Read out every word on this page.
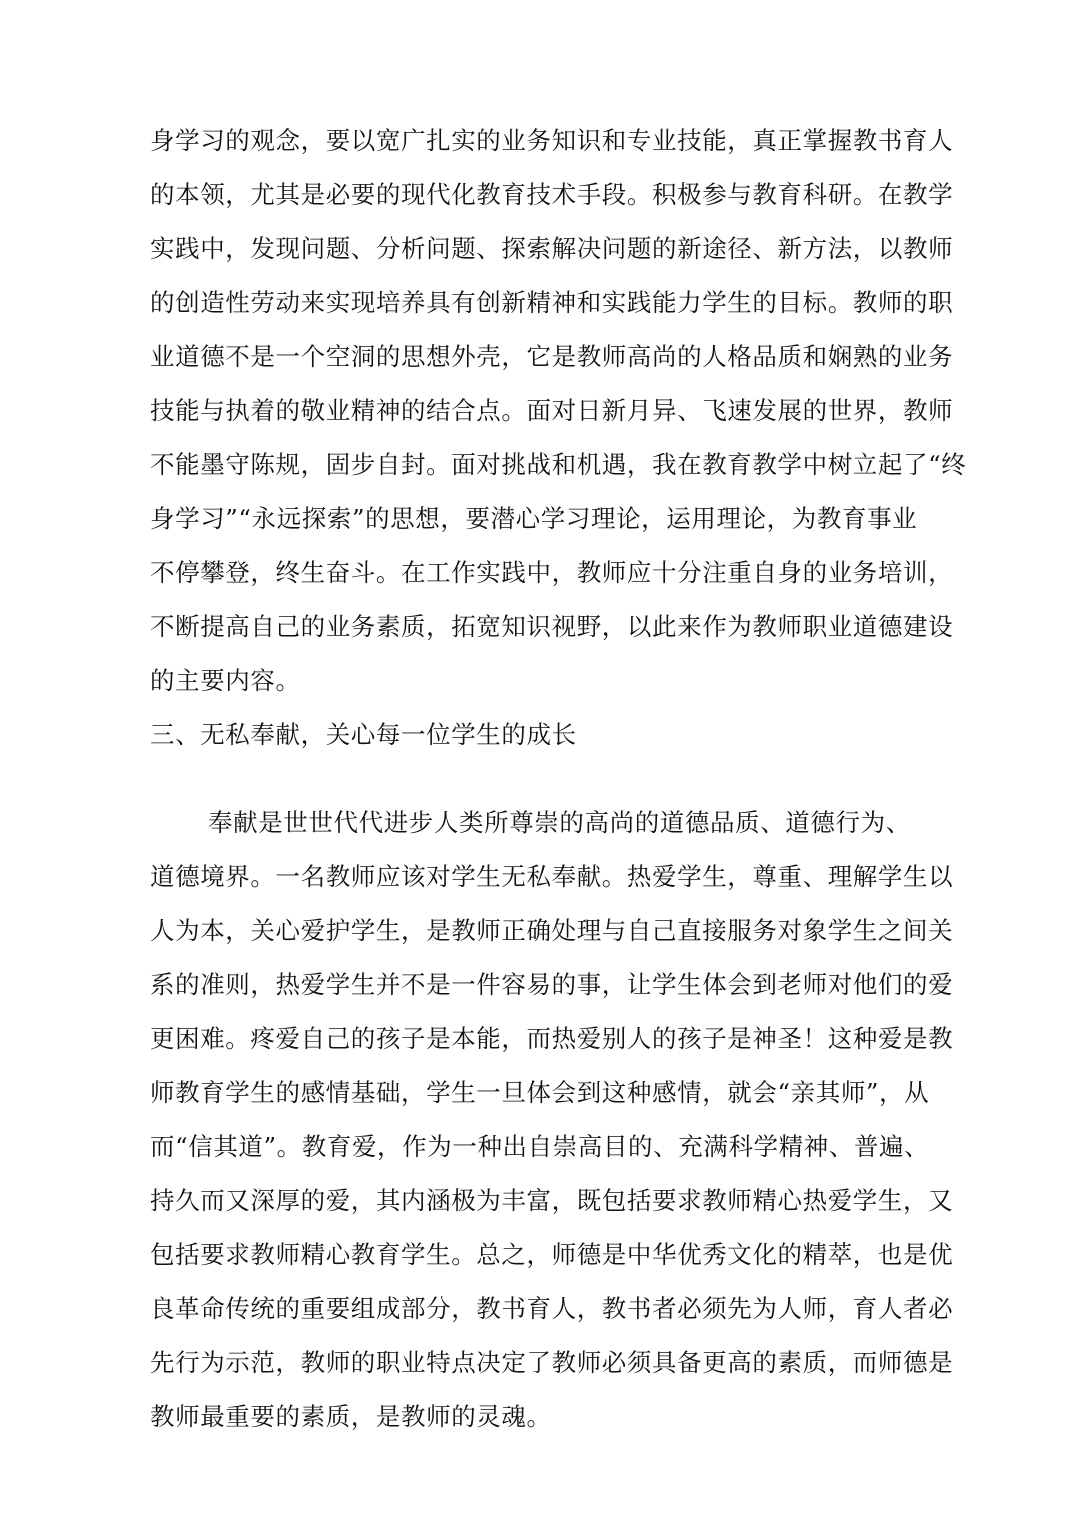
身学习的观念，要以宽广扎实的业务知识和专业技能，真正掌握教书育人
的本领，尤其是必要的现代化教育技术手段。积极参与教育科研。在教学
实践中，发现问题、分析问题、探索解决问题的新途径、新方法，以教师
的创造性劳动来实现培养具有创新精神和实践能力学生的目标。教师的职
业道德不是一个空洞的思想外壳，它是教师高尚的人格品质和娴熟的业务
技能与执着的敬业精神的结合点。面对日新月异、飞速发展的世界，教师
不能墨守陈规，固步自封。面对挑战和机遇，我在教育教学中树立起了“终
身学习”“永远探索”的思想，要潜心学习理论，运用理论，为教育事业
不停攀登，终生奋斗。在工作实践中，教师应十分注重自身的业务培训，
不断提高自己的业务素质，拓宽知识视野，以此来作为教师职业道德建设
的主要内容。
三、无私奉献，关心每一位学生的成长
奉献是世世代代进步人类所尊崇的高尚的道德品质、道德行为、
道德境界。一名教师应该对学生无私奉献。热爱学生，尊重、理解学生以
人为本，关心爱护学生，是教师正确处理与自己直接服务对象学生之间关
系的准则，热爱学生并不是一件容易的事，让学生体会到老师对他们的爱
更困难。疼爱自己的孩子是本能，而热爱别人的孩子是神圣！这种爱是教
师教育学生的感情基础，学生一旦体会到这种感情，就会“亲其师”，从
而“信其道”。教育爱，作为一种出自崇高目的、充满科学精神、普遍、
持久而又深厚的爱，其内涵极为丰富，既包括要求教师精心热爱学生，又
包括要求教师精心教育学生。总之，师德是中华优秀文化的精萃，也是优
良革命传统的重要组成部分，教书育人，教书者必须先为人师，育人者必
先行为示范，教师的职业特点决定了教师必须具备更高的素质，而师德是
教师最重要的素质，是教师的灵魂。
